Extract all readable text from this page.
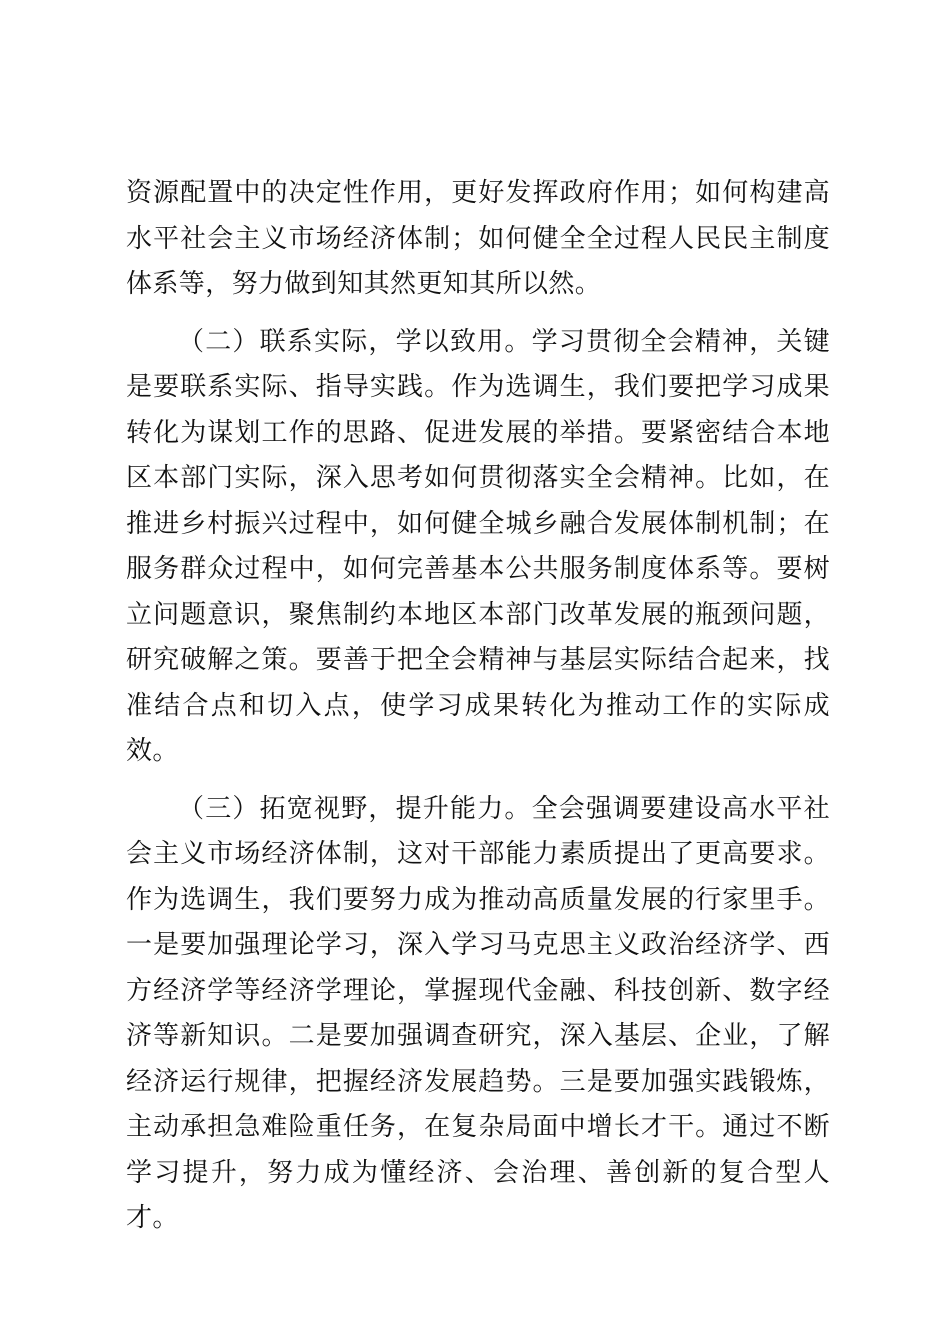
资源配置中的决定性作用，更好发挥政府作用；如何构建高水平社会主义市场经济体制；如何健全全过程人民民主制度体系等，努力做到知其然更知其所以然。

（二）联系实际，学以致用。学习贯彻全会精神，关键是要联系实际、指导实践。作为选调生，我们要把学习成果转化为谋划工作的思路、促进发展的举措。要紧密结合本地区本部门实际，深入思考如何贯彻落实全会精神。比如，在推进乡村振兴过程中，如何健全城乡融合发展体制机制；在服务群众过程中，如何完善基本公共服务制度体系等。要树立问题意识，聚焦制约本地区本部门改革发展的瓶颈问题，研究破解之策。要善于把全会精神与基层实际结合起来，找准结合点和切入点，使学习成果转化为推动工作的实际成效。

（三）拓宽视野，提升能力。全会强调要建设高水平社会主义市场经济体制，这对干部能力素质提出了更高要求。作为选调生，我们要努力成为推动高质量发展的行家里手。一是要加强理论学习，深入学习马克思主义政治经济学、西方经济学等经济学理论，掌握现代金融、科技创新、数字经济等新知识。二是要加强调查研究，深入基层、企业，了解经济运行规律，把握经济发展趋势。三是要加强实践锻炼，主动承担急难险重任务，在复杂局面中增长才干。通过不断学习提升，努力成为懂经济、会治理、善创新的复合型人才。
